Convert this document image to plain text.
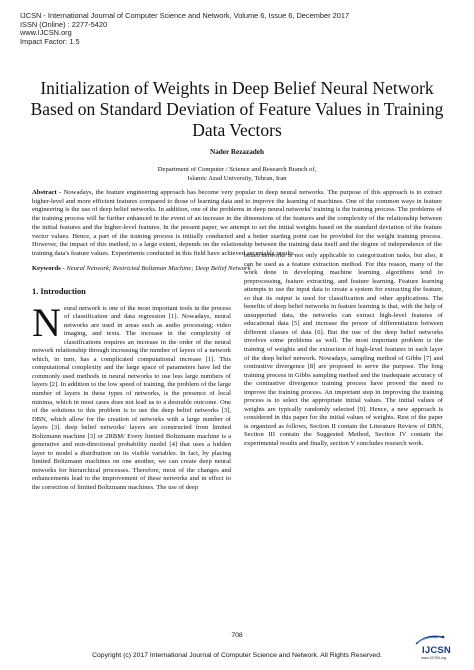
IJCSN - International Journal of Computer Science and Network, Volume 6, Issue 6, December 2017
ISSN (Online) : 2277-5420
www.IJCSN.org
Impact Factor: 1.5
Initialization of Weights in Deep Belief Neural Network Based on Standard Deviation of Feature Values in Training Data Vectors
Nader Rezazadeh
Department of Computer / Science and Research Branch of,
Islamic Azad University, Tehran, Iran
Abstract - Nowadays, the feature engineering approach has become very popular in deep neural networks. The purpose of this approach is to extract higher-level and more efficient features compared to those of learning data and to improve the learning of machines. One of the common ways in feature engineering is the use of deep belief networks. In addition, one of the problems in deep neural networks' training is the training process. The problems of the training process will be further enhanced in the event of an increase in the dimensions of the features and the complexity of the relationship between the initial features and the higher-level features. In the present paper, we attempt to set the initial weights based on the standard deviation of the feature vector values. Hence, a part of the training process is initially conducted and a better starting point can be provided for the weight training process. However, the impact of this method, to a large extent, depends on the relationship between the training data itself and the degree of independence of the training data's feature values. Experiments conducted in this field have achieved acceptable results.
Keywords - Neural Network; Restricted Boltzman Machine; Deep Belief Network
1. Introduction

Neural network is one of the most important tools in the process of classification and data regression [1]. Nowadays, neural networks are used in areas such as audio processing; video imaging, and texts. The increase in the complexity of classifications requires an increase in the order of the neural network relationship through increasing the number of layers of a network which, in turn, has a complicated computational increase [1]. This computational complexity and the large space of parameters have led the commonly used methods in neural networks to use less large numbers of layers [2]. In addition to the low speed of training, the problem of the large number of layers in these types of networks, is the presence of local minima, which in most cases does not lead us to a desirable outcome. One of the solutions to this problem is to use the deep belief networks [3], DBN, which allow for the creation of networks with a large number of layers [3]. deep belief networks' layers are constructed from limited Boltzmann machine [3] or 2RBM/ Every limited Boltzmann machine is a generative and non-directional probability model [4] that uses a hidden layer to model a distribution on its visible variables. In fact, by placing limited Boltzmann machines on one another, we can create deep neural networks for hierarchical processes. Therefore, most of the changes and enhancements lead to the improvement of these networks and in effect to the correction of limited Boltzmann machines. The use of deep

belief networks is not only applicable to categorization tasks, but also, it can be used as a feature extraction method. For this reason, many of the work done in developing machine learning algorithms tend to preprocessing, feature extracting, and feature learning. Feature learning attempts to use the input data to create a system for extracting the feature, so that its output is used for classification and other applications. The benefits of deep belief networks in feature learning is that, with the help of unsupported data, the networks can extract high-level features of educational data [5] and increase the power of differentiation between different classes of data [6]. But the use of the deep belief networks involves some problems as well. The most important problem is the training of weights and the extraction of high-level features in each layer of the deep belief network. Nowadays, sampling method of Gibbs [7] and contrastive divergence [8] are proposed to serve the purpose. The long training process in Gibbs sampling method and the inadequate accuracy of the contrastive divergence training process have proved the need to improve the training process. An important step in improving the training process is to select the appropriate initial values. The initial values of weights are typically randomly selected [9]. Hence, a new approach is considered in this paper for the initial values of weights. Rest of the paper is organized as follows, Section II contain the Literature Review of DBN, Section III contain the Suggested Method, Section IV contain the experimental results and finally, section V concludes research work.

708
Copyright (c) 2017 International Journal of Computer Science and Network. All Rights Reserved.	IJCSN
www.IJCSN.org
